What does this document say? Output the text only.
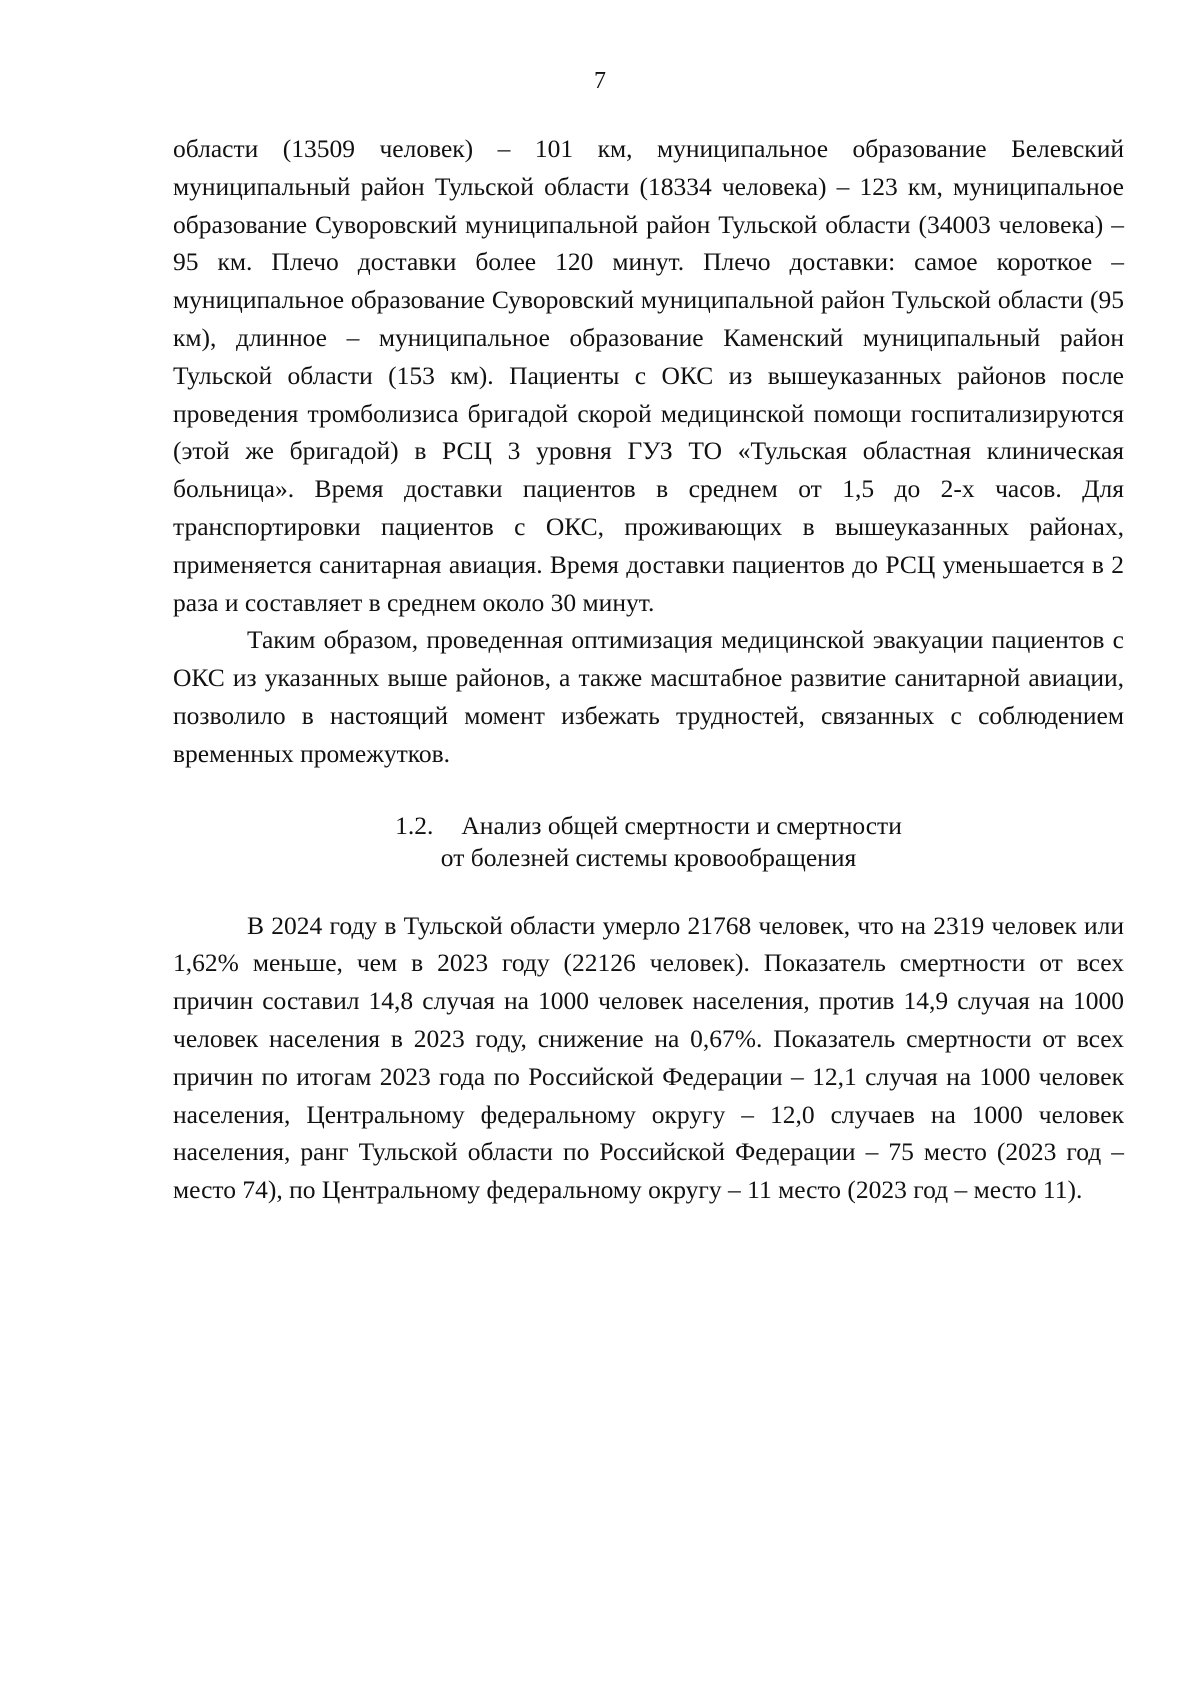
7

области (13509 человек) – 101 км, муниципальное образование Белевский муниципальный район Тульской области (18334 человека) – 123 км, муниципальное образование Суворовский муниципальной район Тульской области (34003 человека) – 95 км. Плечо доставки более 120 минут. Плечо доставки: самое короткое – муниципальное образование Суворовский муниципальной район Тульской области (95 км), длинное – муниципальное образование Каменский муниципальный район Тульской области (153 км). Пациенты с ОКС из вышеуказанных районов после проведения тромболизиса бригадой скорой медицинской помощи госпитализируются (этой же бригадой) в РСЦ 3 уровня ГУЗ ТО «Тульская областная клиническая больница». Время доставки пациентов в среднем от 1,5 до 2-х часов. Для транспортировки пациентов с ОКС, проживающих в вышеуказанных районах, применяется санитарная авиация. Время доставки пациентов до РСЦ уменьшается в 2 раза и составляет в среднем около 30 минут.

Таким образом, проведенная оптимизация медицинской эвакуации пациентов с ОКС из указанных выше районов, а также масштабное развитие санитарной авиации, позволило в настоящий момент избежать трудностей, связанных с соблюдением временных промежутков.

1.2. Анализ общей смертности и смертности
от болезней системы кровообращения

В 2024 году в Тульской области умерло 21768 человек, что на 2319 человек или 1,62% меньше, чем в 2023 году (22126 человек). Показатель смертности от всех причин составил 14,8 случая на 1000 человек населения, против 14,9 случая на 1000 человек населения в 2023 году, снижение на 0,67%. Показатель смертности от всех причин по итогам 2023 года по Российской Федерации – 12,1 случая на 1000 человек населения, Центральному федеральному округу – 12,0 случаев на 1000 человек населения, ранг Тульской области по Российской Федерации – 75 место (2023 год – место 74), по Центральному федеральному округу – 11 место (2023 год – место 11).
